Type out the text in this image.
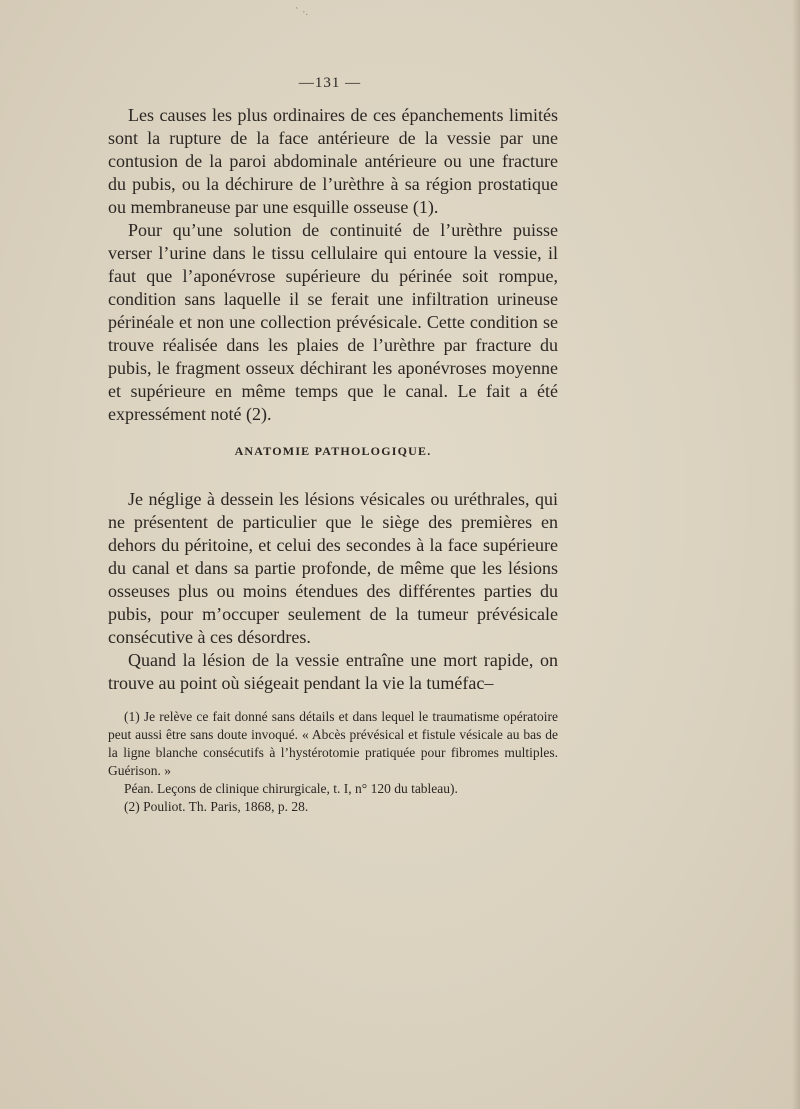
ˋ ·.
—131 —

Les causes les plus ordinaires de ces épanchements limités sont la rupture de la face antérieure de la vessie par une contusion de la paroi abdominale antérieure ou une fracture du pubis, ou la déchirure de l’urèthre à sa région prostatique ou membraneuse par une esquille osseuse (1).

Pour qu’une solution de continuité de l’urèthre puisse verser l’urine dans le tissu cellulaire qui entoure la vessie, il faut que l’aponévrose supérieure du périnée soit rompue, condition sans laquelle il se ferait une infiltration urineuse périnéale et non une collection prévésicale. Cette condition se trouve réalisée dans les plaies de l’urèthre par fracture du pubis, le fragment osseux déchirant les aponévroses moyenne et supérieure en même temps que le canal. Le fait a été expressément noté (2).

ANATOMIE PATHOLOGIQUE.

Je néglige à dessein les lésions vésicales ou uréthrales, qui ne présentent de particulier que le siège des premières en dehors du péritoine, et celui des secondes à la face supérieure du canal et dans sa partie profonde, de même que les lésions osseuses plus ou moins étendues des différentes parties du pubis, pour m’occuper seulement de la tumeur prévésicale consécutive à ces désordres.

Quand la lésion de la vessie entraîne une mort rapide, on trouve au point où siégeait pendant la vie la tuméfac–

(1) Je relève ce fait donné sans détails et dans lequel le traumatisme opératoire peut aussi être sans doute invoqué. « Abcès prévésical et fistule vésicale au bas de la ligne blanche consécutifs à l’hystérotomie pratiquée pour fibromes multiples. Guérison. »

Péan. Leçons de clinique chirurgicale, t. I, n° 120 du tableau).

(2) Pouliot. Th. Paris, 1868, p. 28.
